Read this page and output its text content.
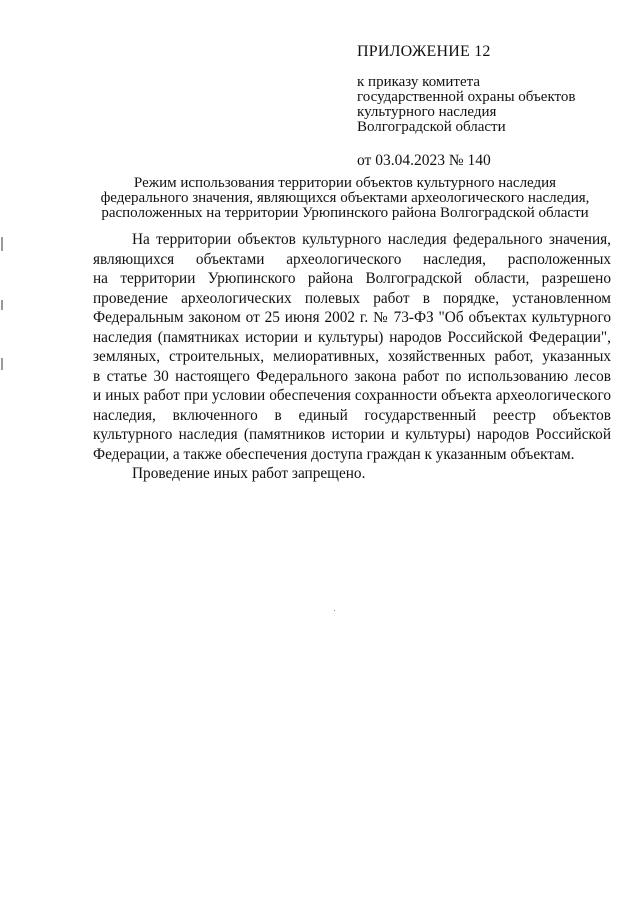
ПРИЛОЖЕНИЕ 12
к приказу комитета
государственной охраны объектов
культурного наследия
Волгоградской области
от 03.04.2023 № 140
Режим использования территории объектов культурного наследия
федерального значения, являющихся объектами археологического наследия,
расположенных на территории Урюпинского района Волгоградской области
На территории объектов культурного наследия федерального значения,
являющихся объектами археологического наследия, расположенных
на территории Урюпинского района Волгоградской области, разрешено
проведение археологических полевых работ в порядке, установленном
Федеральным законом от 25 июня 2002 г. № 73-ФЗ "Об объектах культурного
наследия (памятниках истории и культуры) народов Российской Федерации",
земляных, строительных, мелиоративных, хозяйственных работ, указанных
в статье 30 настоящего Федерального закона работ по использованию лесов
и иных работ при условии обеспечения сохранности объекта археологического
наследия, включенного в единый государственный реестр объектов
культурного наследия (памятников истории и культуры) народов Российской
Федерации, а также обеспечения доступа граждан к указанным объектам.
Проведение иных работ запрещено.
